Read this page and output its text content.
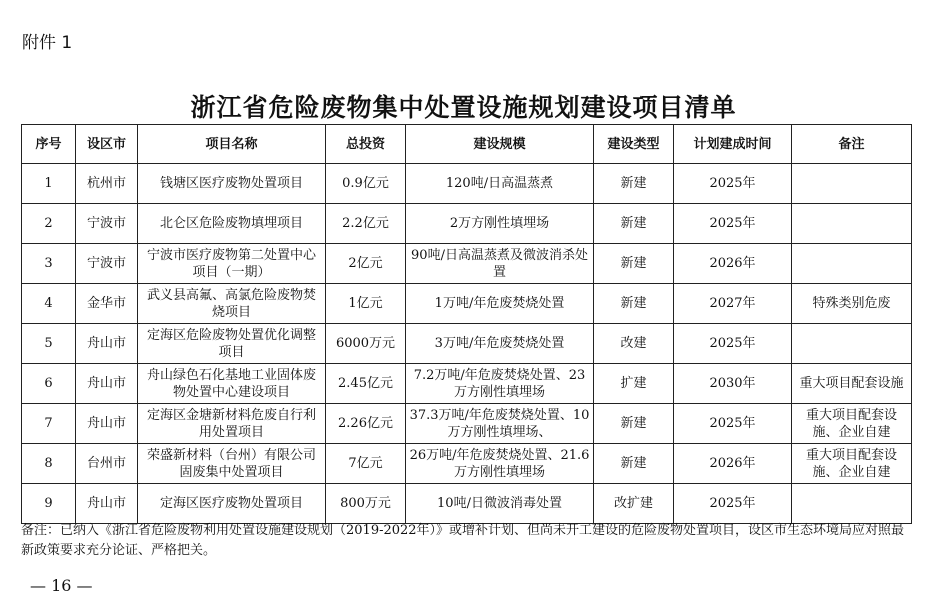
附件 1
浙江省危险废物集中处置设施规划建设项目清单
序号	设区市	项目名称	总投资	建设规模	建设类型	计划建成时间	备注
1	杭州市	钱塘区医疗废物处置项目	0.9亿元	120吨/日高温蒸煮	新建	2025年	
2	宁波市	北仑区危险废物填埋项目	2.2亿元	2万方刚性填埋场	新建	2025年	
3	宁波市	宁波市医疗废物第二处置中心项目（一期）	2亿元	90吨/日高温蒸煮及微波消杀处置	新建	2026年	
4	金华市	武义县高氟、高氯危险废物焚烧项目	1亿元	1万吨/年危废焚烧处置	新建	2027年	特殊类别危废
5	舟山市	定海区危险废物处置优化调整项目	6000万元	3万吨/年危废焚烧处置	改建	2025年	
6	舟山市	舟山绿色石化基地工业固体废物处置中心建设项目	2.45亿元	7.2万吨/年危废焚烧处置、23万方刚性填埋场	扩建	2030年	重大项目配套设施
7	舟山市	定海区金塘新材料危废自行利用处置项目	2.26亿元	37.3万吨/年危废焚烧处置、10万方刚性填埋场、	新建	2025年	重大项目配套设施、企业自建
8	台州市	荣盛新材料（台州）有限公司固废集中处置项目	7亿元	26万吨/年危废焚烧处置、21.6万方刚性填埋场	新建	2026年	重大项目配套设施、企业自建
9	舟山市	定海区医疗废物处置项目	800万元	10吨/日微波消毒处置	改扩建	2025年	
备注：已纳入《浙江省危险废物利用处置设施建设规划（2019-2022年）》或增补计划、但尚未开工建设的危险废物处置项目，设区市生态环境局应对照最新政策要求充分论证、严格把关。
— 16 —
